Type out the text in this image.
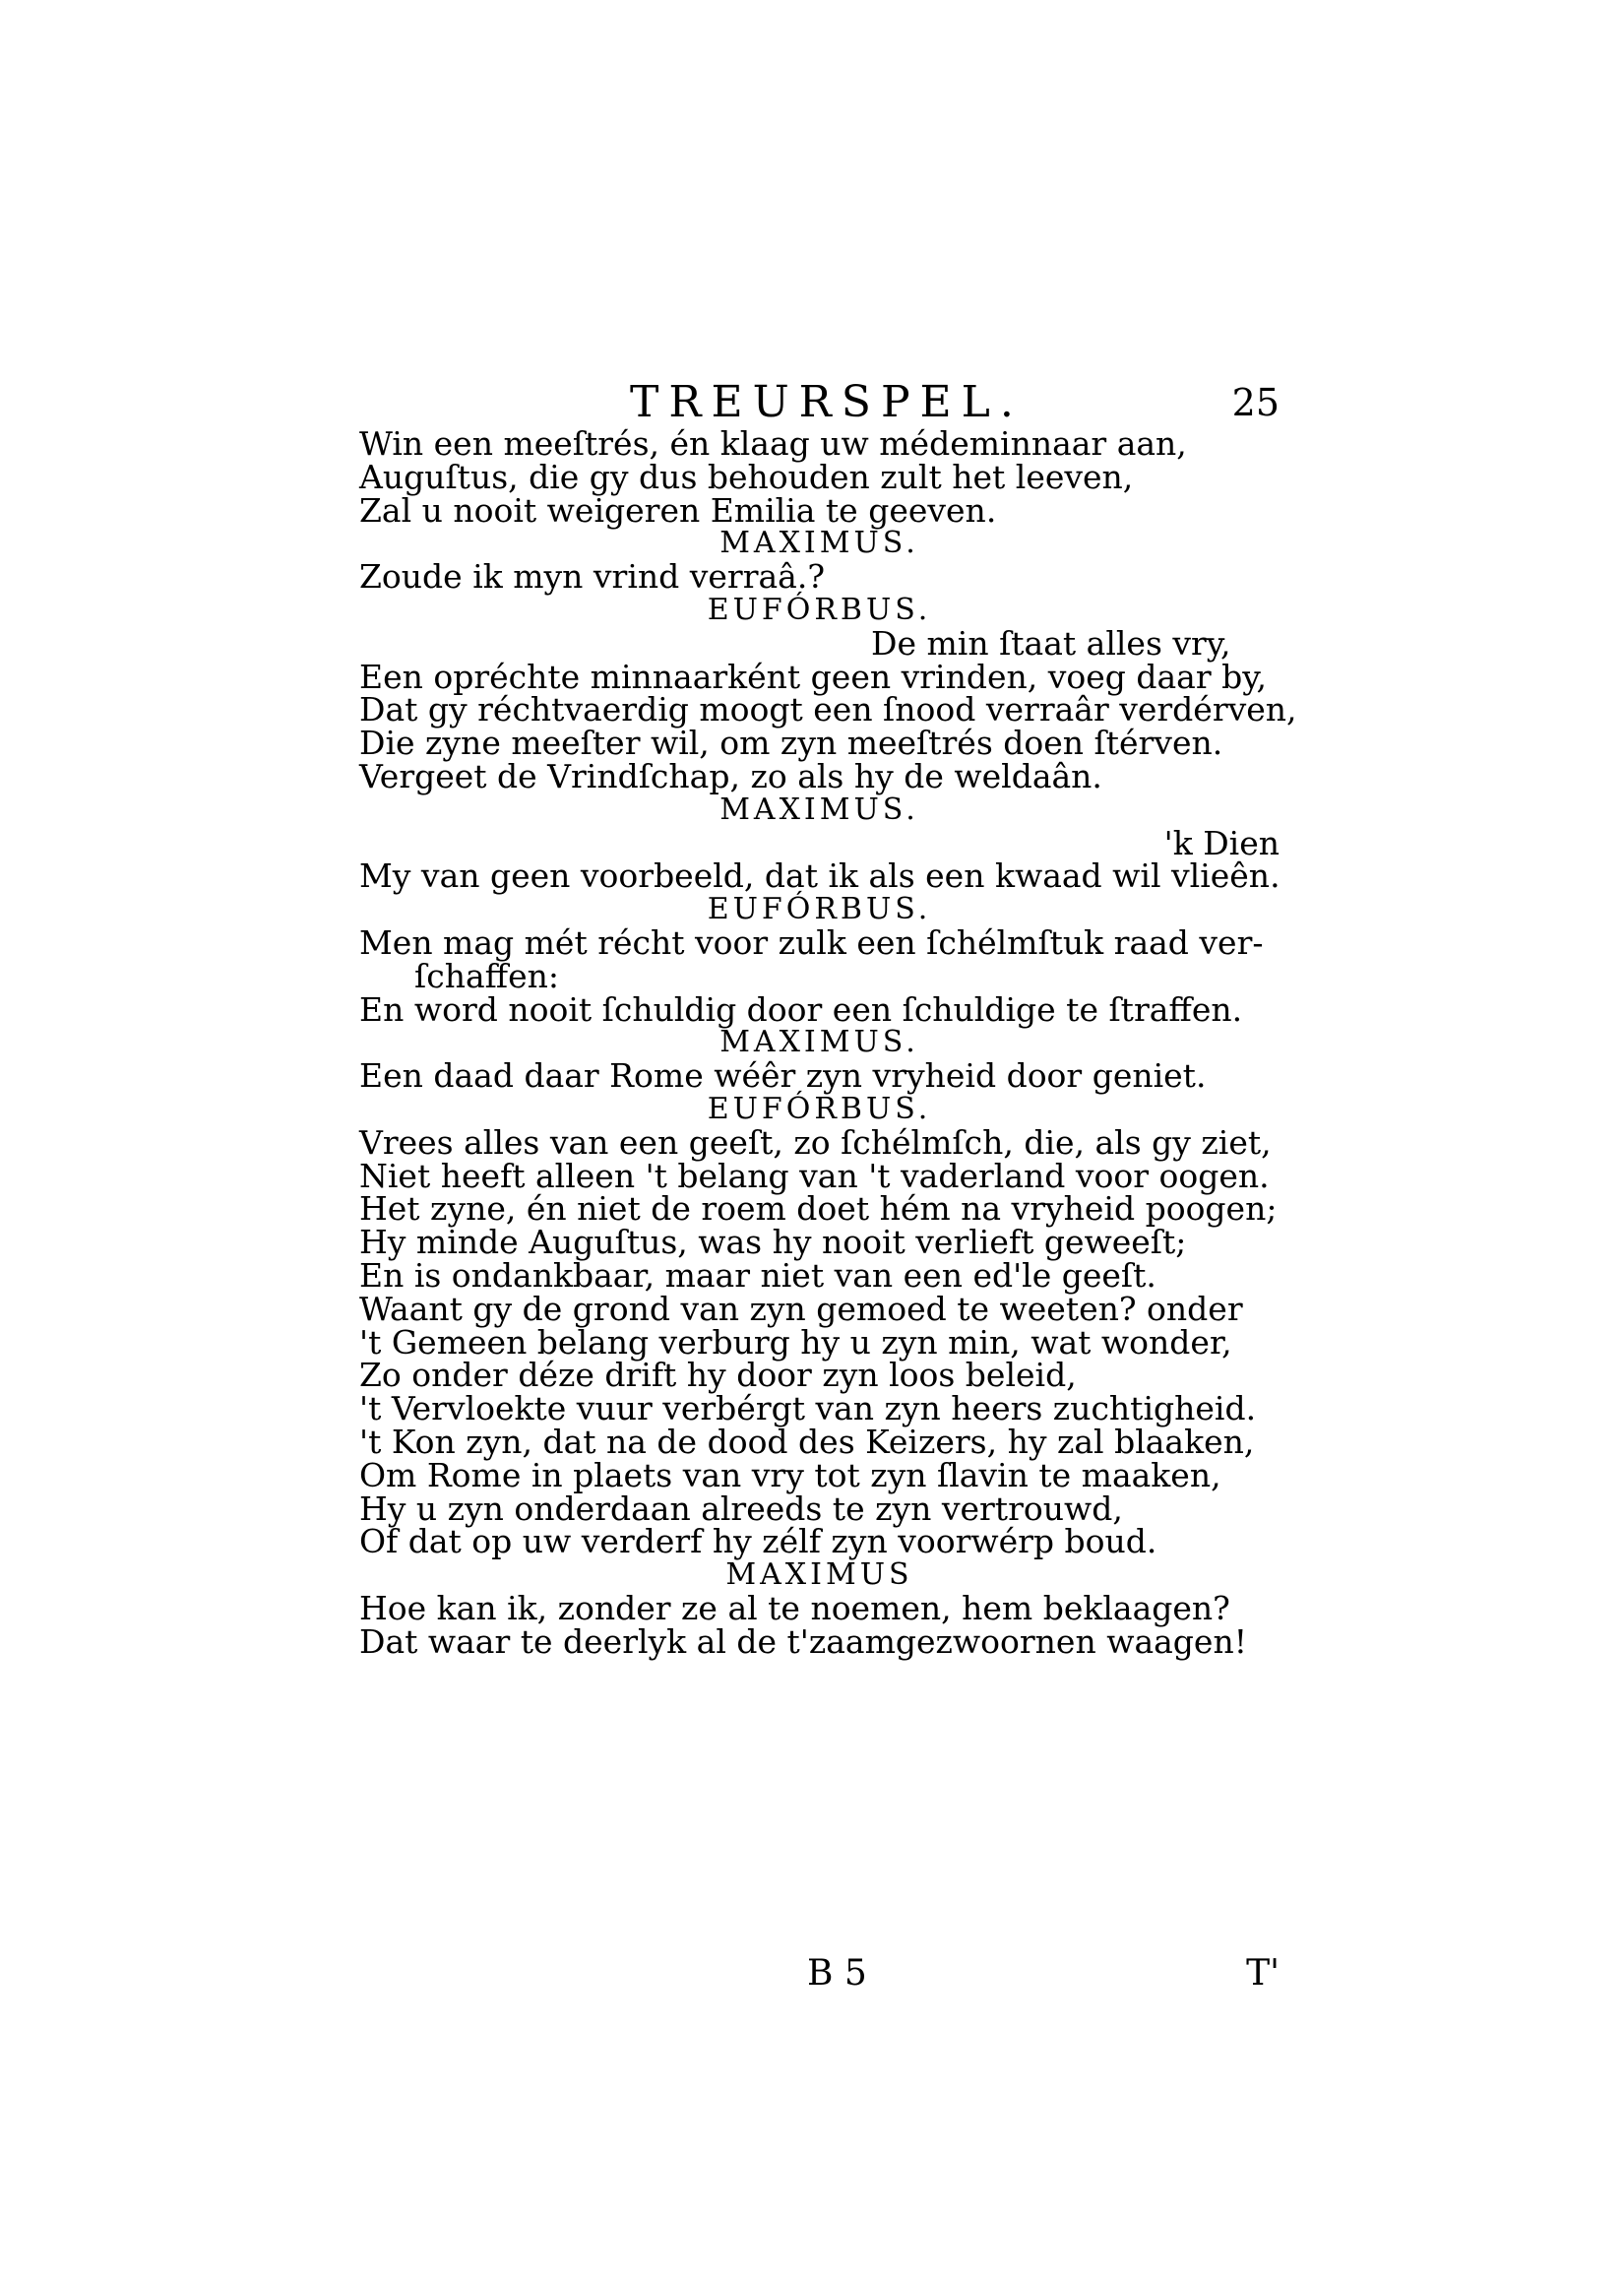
TREURSPEL.	25
Win een meeſtrés, én klaag uw médeminnaar aan,
Auguſtus, die gy dus behouden zult het leeven,
Zal u nooit weigeren Emilia te geeven.
MAXIMUS.
Zoude ik myn vrind verraâ.?
EUFÓRBUS.
De min ſtaat alles vry,
Een opréchte minnaarként geen vrinden, voeg daar by,
Dat gy réchtvaerdig moogt een ſnood verraâr verdérven,
Die zyne meeſter wil, om zyn meeſtrés doen ſtérven.
Vergeet de Vrindſchap, zo als hy de weldaân.
MAXIMUS.
'k Dien
My van geen voorbeeld, dat ik als een kwaad wil vlieên.
EUFÓRBUS.
Men mag mét récht voor zulk een ſchélmſtuk raad ver-
ſchaffen:
En word nooit ſchuldig door een ſchuldige te ſtraffen.
MAXIMUS.
Een daad daar Rome wéêr zyn vryheid door geniet.
EUFÓRBUS.
Vrees alles van een geeſt, zo ſchélmſch, die, als gy ziet,
Niet heeft alleen 't belang van 't vaderland voor oogen.
Het zyne, én niet de roem doet hém na vryheid poogen;
Hy minde Auguſtus, was hy nooit verlieft geweeſt;
En is ondankbaar, maar niet van een ed'le geeſt.
Waant gy de grond van zyn gemoed te weeten? onder
't Gemeen belang verburg hy u zyn min, wat wonder,
Zo onder déze drift hy door zyn loos beleid,
't Vervloekte vuur verbérgt van zyn heers zuchtigheid.
't Kon zyn, dat na de dood des Keizers, hy zal blaaken,
Om Rome in plaets van vry tot zyn ſlavin te maaken,
Hy u zyn onderdaan alreeds te zyn vertrouwd,
Of dat op uw verderf hy zélf zyn voorwérp boud.
MAXIMUS
Hoe kan ik, zonder ze al te noemen, hem beklaagen?
Dat waar te deerlyk al de t'zaamgezwoornen waagen!
B 5	T'
